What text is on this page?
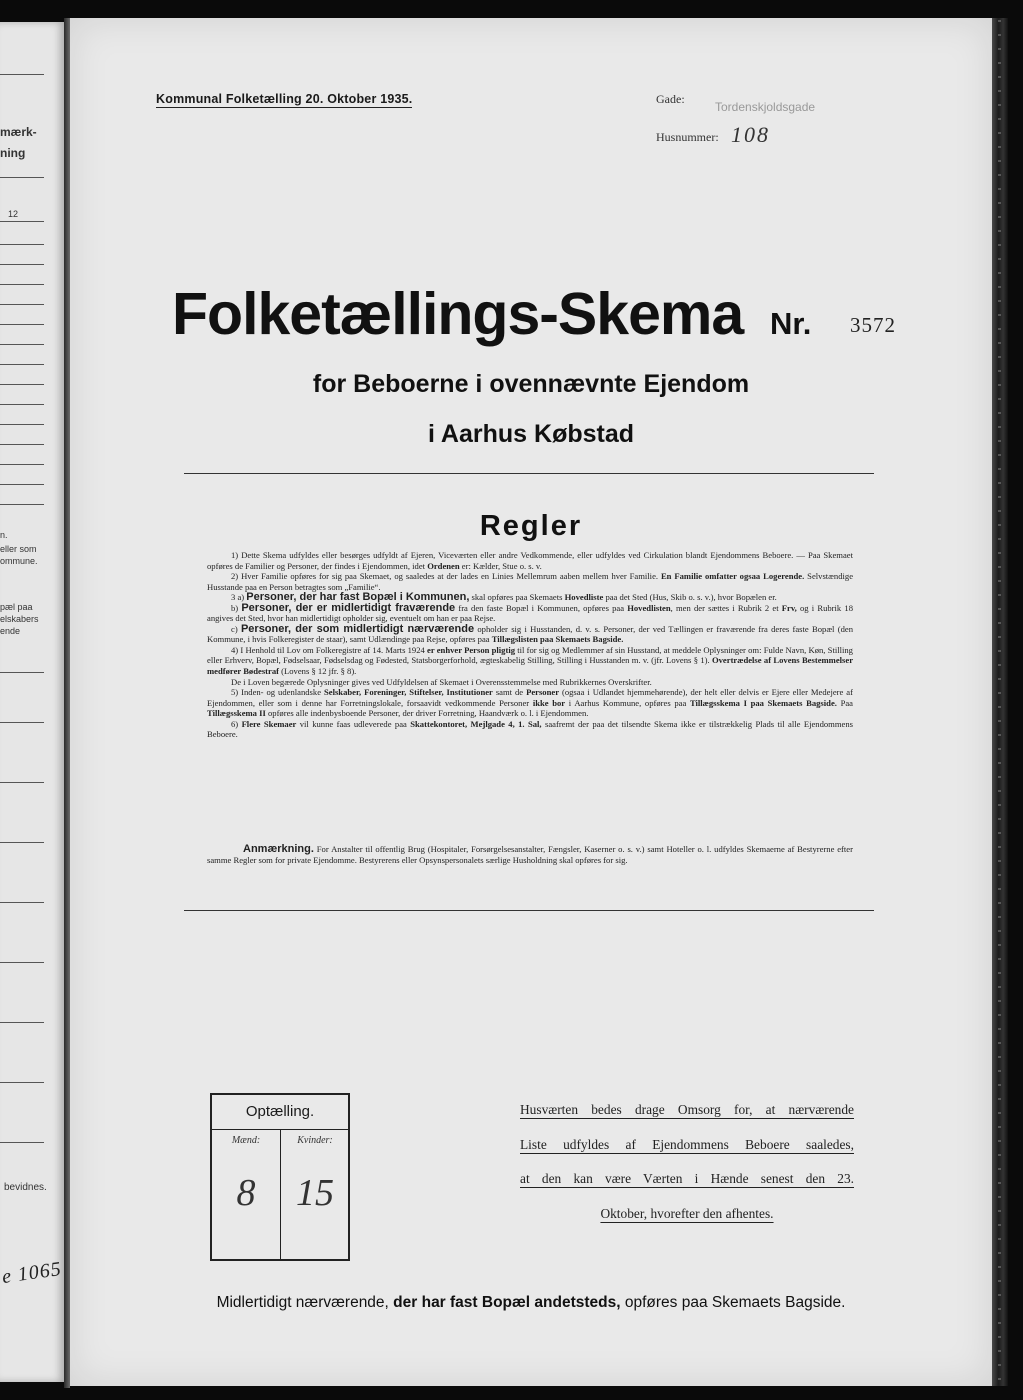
mærk-
ning
12
n.
eller som
ommune.
pæl paa
elskabers
ende
bevidnes.
e 1065
Kommunal Folketælling 20. Oktober 1935.	Gade:
Tordenskjoldsgade
Husnummer: 108
Folketællings-Skema Nr. 3572
for Beboerne i ovennævnte Ejendom
i Aarhus Købstad
Regler

1) Dette Skema udfyldes eller besørges udfyldt af Ejeren, Viceværten eller andre Vedkommende, eller udfyldes ved Cirkulation blandt Ejendommens Beboere. — Paa Skemaet opføres de Familier og Personer, der findes i Ejendommen, idet Ordenen er: Kælder, Stue o. s. v.

2) Hver Familie opføres for sig paa Skemaet, og saaledes at der lades en Linies Mellemrum aaben mellem hver Familie. En Familie omfatter ogsaa Logerende. Selvstændige Husstande paa en Person betragtes som „Familie“.

3 a) Personer, der har fast Bopæl i Kommunen, skal opføres paa Skemaets Hovedliste paa det Sted (Hus, Skib o. s. v.), hvor Bopælen er.

b) Personer, der er midlertidigt fraværende fra den faste Bopæl i Kommunen, opføres paa Hovedlisten, men der sættes i Rubrik 2 et Frv, og i Rubrik 18 angives det Sted, hvor han midlertidigt opholder sig, eventuelt om han er paa Rejse.

c) Personer, der som midlertidigt nærværende opholder sig i Husstanden, d. v. s. Personer, der ved Tællingen er fraværende fra deres faste Bopæl (den Kommune, i hvis Folkeregister de staar), samt Udlændinge paa Rejse, opføres paa Tillægslisten paa Skemaets Bagside.

4) I Henhold til Lov om Folkeregistre af 14. Marts 1924 er enhver Person pligtig til for sig og Medlemmer af sin Husstand, at meddele Oplysninger om: Fulde Navn, Køn, Stilling eller Erhverv, Bopæl, Fødselsaar, Fødselsdag og Fødested, Statsborgerforhold, ægteskabelig Stilling, Stilling i Husstanden m. v. (jfr. Lovens § 1). Overtrædelse af Lovens Bestemmelser medfører Bødestraf (Lovens § 12 jfr. § 8).

De i Loven begærede Oplysninger gives ved Udfyldelsen af Skemaet i Overensstemmelse med Rubrikkernes Overskrifter.

5) Inden- og udenlandske Selskaber, Foreninger, Stiftelser, Institutioner samt de Personer (ogsaa i Udlandet hjemmehørende), der helt eller delvis er Ejere eller Medejere af Ejendommen, eller som i denne har Forretningslokale, forsaavidt vedkommende Personer ikke bor i Aarhus Kommune, opføres paa Tillægsskema I paa Skemaets Bagside. Paa Tillægsskema II opføres alle indenbysboende Personer, der driver Forretning, Haandværk o. l. i Ejendommen.

6) Flere Skemaer vil kunne faas udleverede paa Skattekontoret, Mejlgade 4, 1. Sal, saafremt der paa det tilsendte Skema ikke er tilstrækkelig Plads til alle Ejendommens Beboere.

Anmærkning. For Anstalter til offentlig Brug (Hospitaler, Forsørgelsesanstalter, Fængsler, Kaserner o. s. v.) samt Hoteller o. l. udfyldes Skemaerne af Bestyrerne efter samme Regler som for private Ejendomme. Bestyrerens eller Opsynspersonalets særlige Husholdning skal opføres for sig.

Optælling.
Mænd:	Kvinder:
8	15
Husværten bedes drage Omsorg for, at nærværende
Liste udfyldes af Ejendommens Beboere saaledes,
at den kan være Værten i Hænde senest den 23.
Oktober, hvorefter den afhentes.
Midlertidigt nærværende, der har fast Bopæl andetsteds, opføres paa Skemaets Bagside.
